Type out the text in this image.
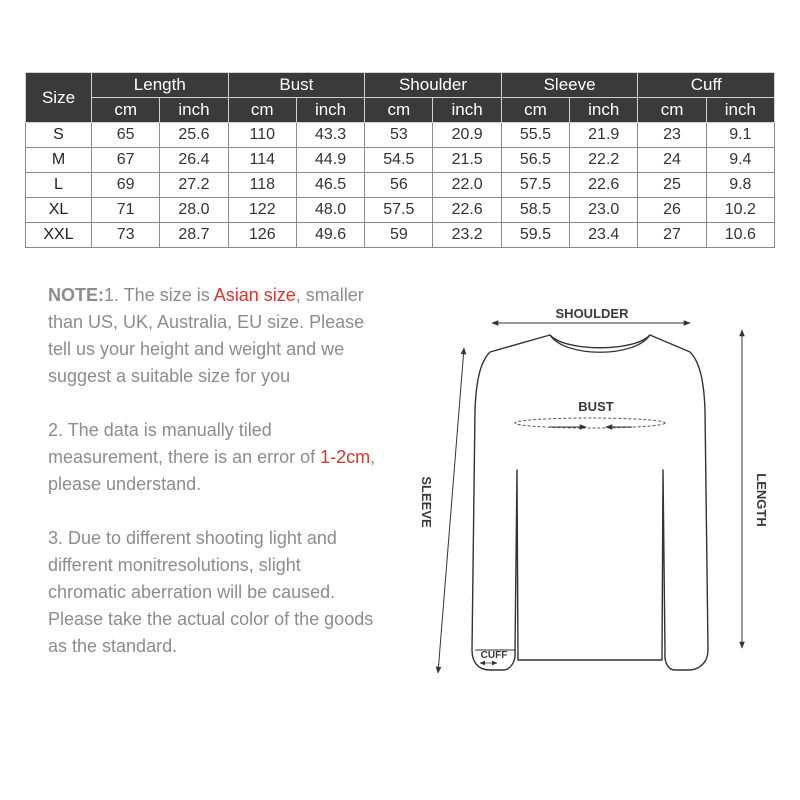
Size	Length		Bust		Shoulder		Sleeve		Cuff	
	cm	inch	cm	inch	cm	inch	cm	inch	cm	inch
S	65	25.6	110	43.3	53	20.9	55.5	21.9	23	9.1
M	67	26.4	114	44.9	54.5	21.5	56.5	22.2	24	9.4
L	69	27.2	118	46.5	56	22.0	57.5	22.6	25	9.8
XL	71	28.0	122	48.0	57.5	22.6	58.5	23.0	26	10.2
XXL	73	28.7	126	49.6	59	23.2	59.5	23.4	27	10.6

NOTE:1. The size is Asian size, smaller than US, UK, Australia, EU size. Please tell us your height and weight and we suggest a suitable size for you

2. The data is manually tiled measurement, there is an error of 1-2cm, please understand.

3. Due to different shooting light and different monitresolutions, slight chromatic aberration will be caused. Please take the actual color of the goods as the standard.

SHOULDER
BUST
SLEEVE	LENGTH
CUFF
